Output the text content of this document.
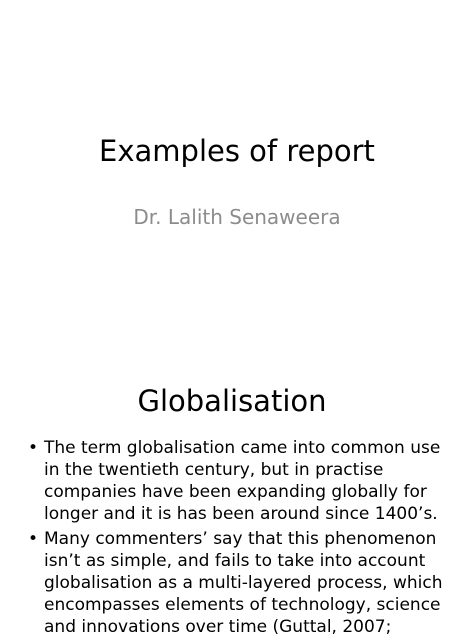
Examples of report
Dr. Lalith Senaweera
Globalisation
• The term globalisation came into common use
in the twentieth century, but in practise
companies have been expanding globally for
longer and it is has been around since 1400’s.
• Many commenters’ say that this phenomenon
isn’t as simple, and fails to take into account
globalisation as a multi-layered process, which
encompasses elements of technology, science
and innovations over time (Guttal, 2007;
